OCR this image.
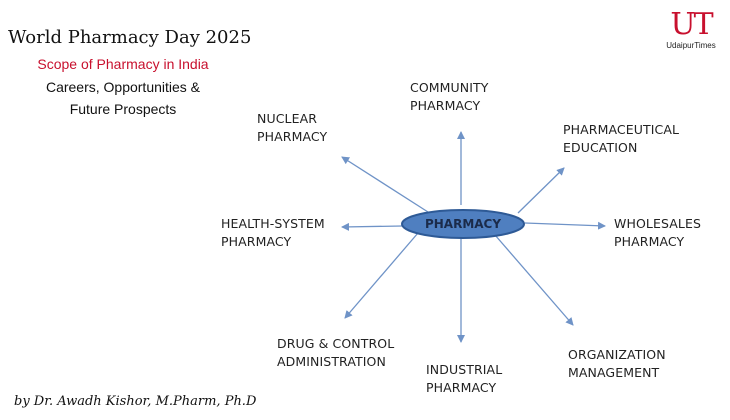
World Pharmacy Day 2025
Scope of Pharmacy in India
Careers, Opportunities &
Future Prospects
UT
UdaipurTimes
PHARMACY
COMMUNITY
PHARMACY
NUCLEAR
PHARMACY	PHARMACEUTICAL
EDUCATION
HEALTH-SYSTEM
PHARMACY
WHOLESALES
PHARMACY
DRUG & CONTROL
ADMINISTRATION
INDUSTRIAL
PHARMACY
ORGANIZATION
MANAGEMENT
by Dr. Awadh Kishor, M.Pharm, Ph.D
